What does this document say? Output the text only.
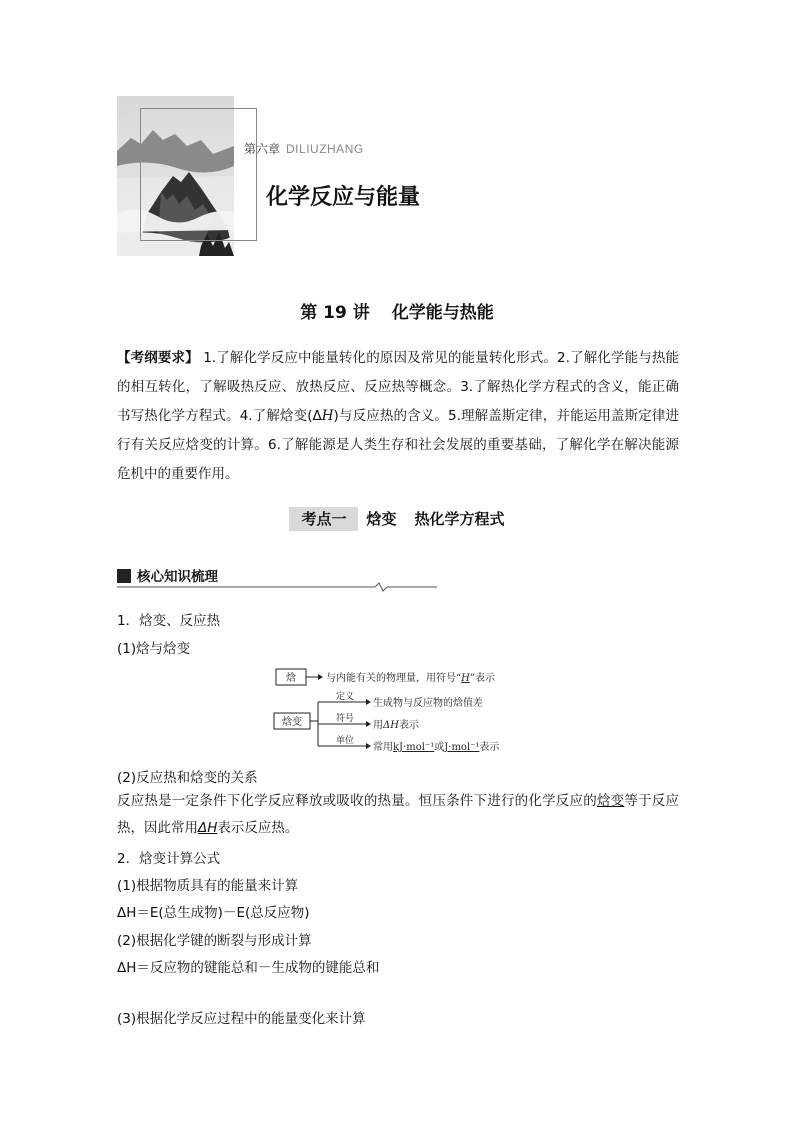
第六章 DILIUZHANG
化学反应与能量
第 19 讲 化学能与热能
【考纲要求】 1.了解化学反应中能量转化的原因及常见的能量转化形式。2.了解化学能与热能的相互转化，了解吸热反应、放热反应、反应热等概念。3.了解热化学方程式的含义，能正确书写热化学方程式。4.了解焓变(ΔH)与反应热的含义。5.理解盖斯定律，并能运用盖斯定律进行有关反应焓变的计算。6.了解能源是人类生存和社会发展的重要基础，了解化学在解决能源危机中的重要作用。
考点一 焓变 热化学方程式
核心知识梳理
1．焓变、反应热
(1)焓与焓变
焓	与内能有关的物理量，用符号“H”表示
焓变
定义
符号
单位
生成物与反应物的焓值差
用ΔH表示
常用kJ·mol⁻¹或J·mol⁻¹表示
(2)反应热和焓变的关系
反应热是一定条件下化学反应释放或吸收的热量。恒压条件下进行的化学反应的焓变等于反应热，因此常用ΔH表示反应热。
2．焓变计算公式
(1)根据物质具有的能量来计算
ΔH＝E(总生成物)－E(总反应物)
(2)根据化学键的断裂与形成计算
ΔH＝反应物的键能总和－生成物的键能总和
(3)根据化学反应过程中的能量变化来计算
